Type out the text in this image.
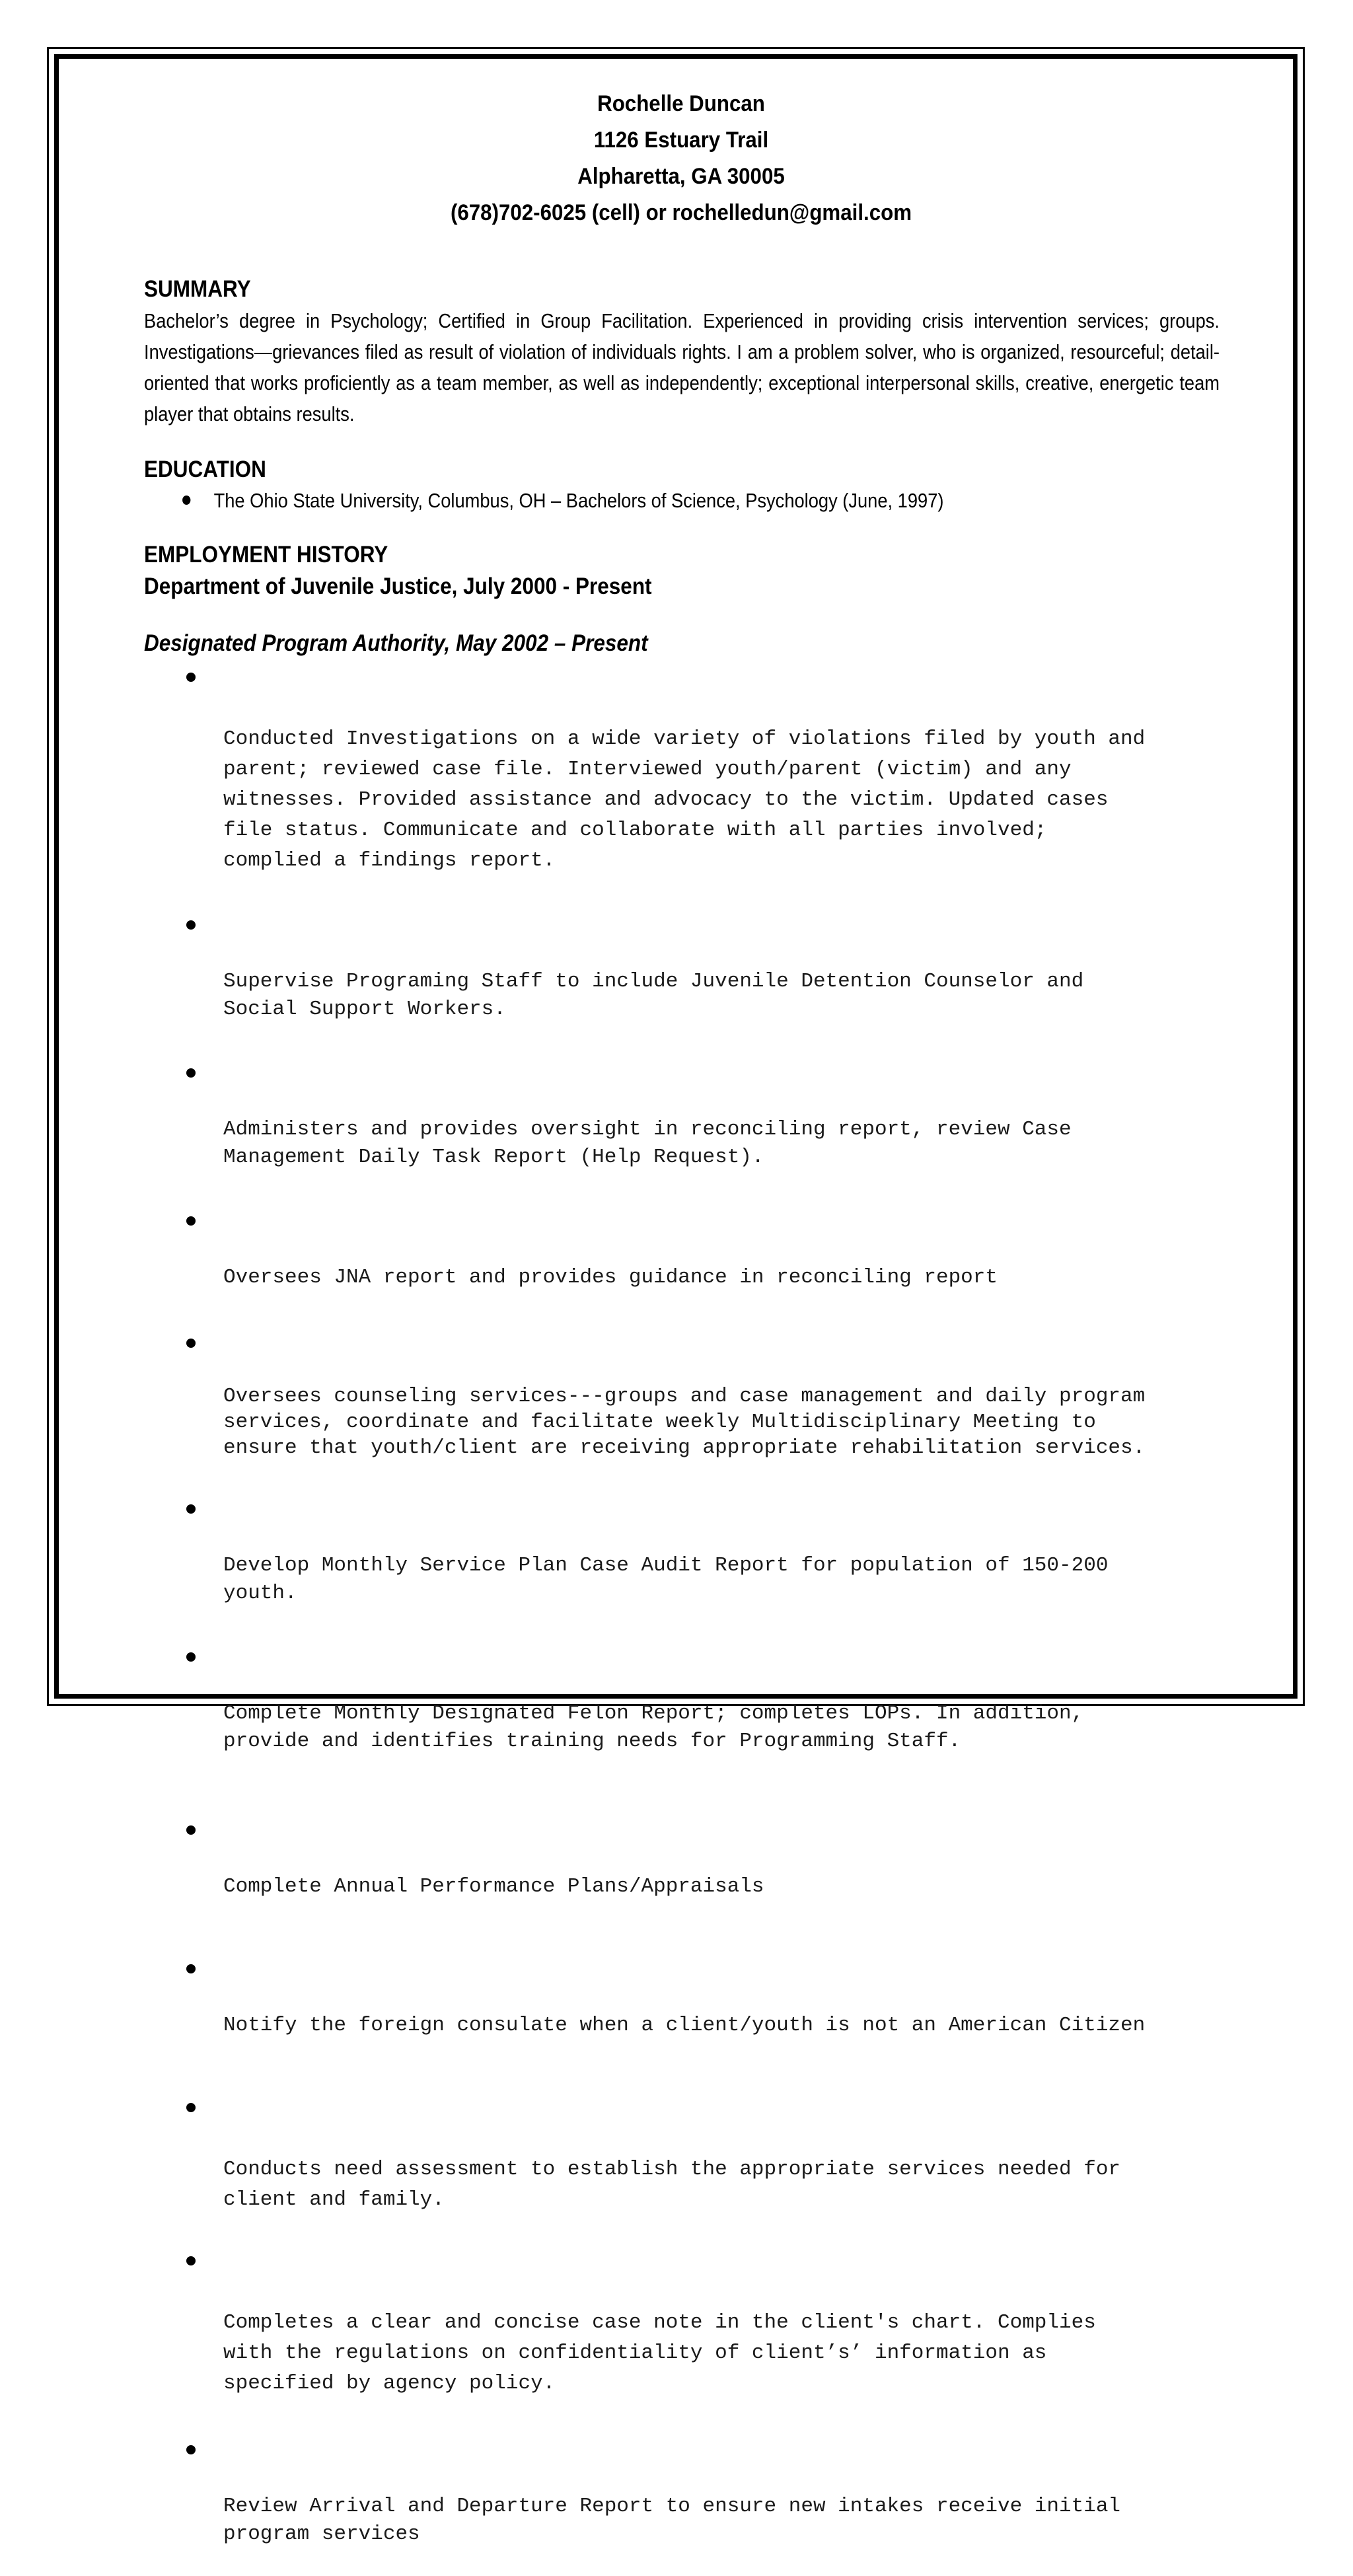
Rochelle Duncan
1126 Estuary Trail
Alpharetta, GA 30005
(678)702-6025 (cell) or rochelledun@gmail.com
SUMMARY

Bachelor’s degree in Psychology; Certified in Group Facilitation. Experienced in providing crisis intervention services; groups. Investigations—grievances filed as result of violation of individuals rights. I am a problem solver, who is organized, resourceful; detail-oriented that works proficiently as a team member, as well as independently; exceptional interpersonal skills, creative, energetic team player that obtains results.

EDUCATION
The Ohio State University, Columbus, OH – Bachelors of Science, Psychology (June, 1997)
EMPLOYMENT HISTORY
Department of Juvenile Justice, July 2000 - Present
Designated Program Authority, May 2002 – Present

Conducted Investigations on a wide variety of violations filed by youth and
parent; reviewed case file. Interviewed youth/parent (victim) and any
witnesses. Provided assistance and advocacy to the victim. Updated cases
file status. Communicate and collaborate with all parties involved;
complied a findings report.

Supervise Programing Staff to include Juvenile Detention Counselor and
Social Support Workers.

Administers and provides oversight in reconciling report, review Case
Management Daily Task Report (Help Request).

Oversees JNA report and provides guidance in reconciling report

Oversees counseling services---groups and case management and daily program
services, coordinate and facilitate weekly Multidisciplinary Meeting to
ensure that youth/client are receiving appropriate rehabilitation services.

Develop Monthly Service Plan Case Audit Report for population of 150-200
youth.

Complete Monthly Designated Felon Report; completes LOPs. In addition,
provide and identifies training needs for Programming Staff.

Complete Annual Performance Plans/Appraisals

Notify the foreign consulate when a client/youth is not an American Citizen

Conducts need assessment to establish the appropriate services needed for
client and family.

Completes a clear and concise case note in the client's chart. Complies
with the regulations on confidentiality of client’s’ information as
specified by agency policy.

Review Arrival and Departure Report to ensure new intakes receive initial
program services
